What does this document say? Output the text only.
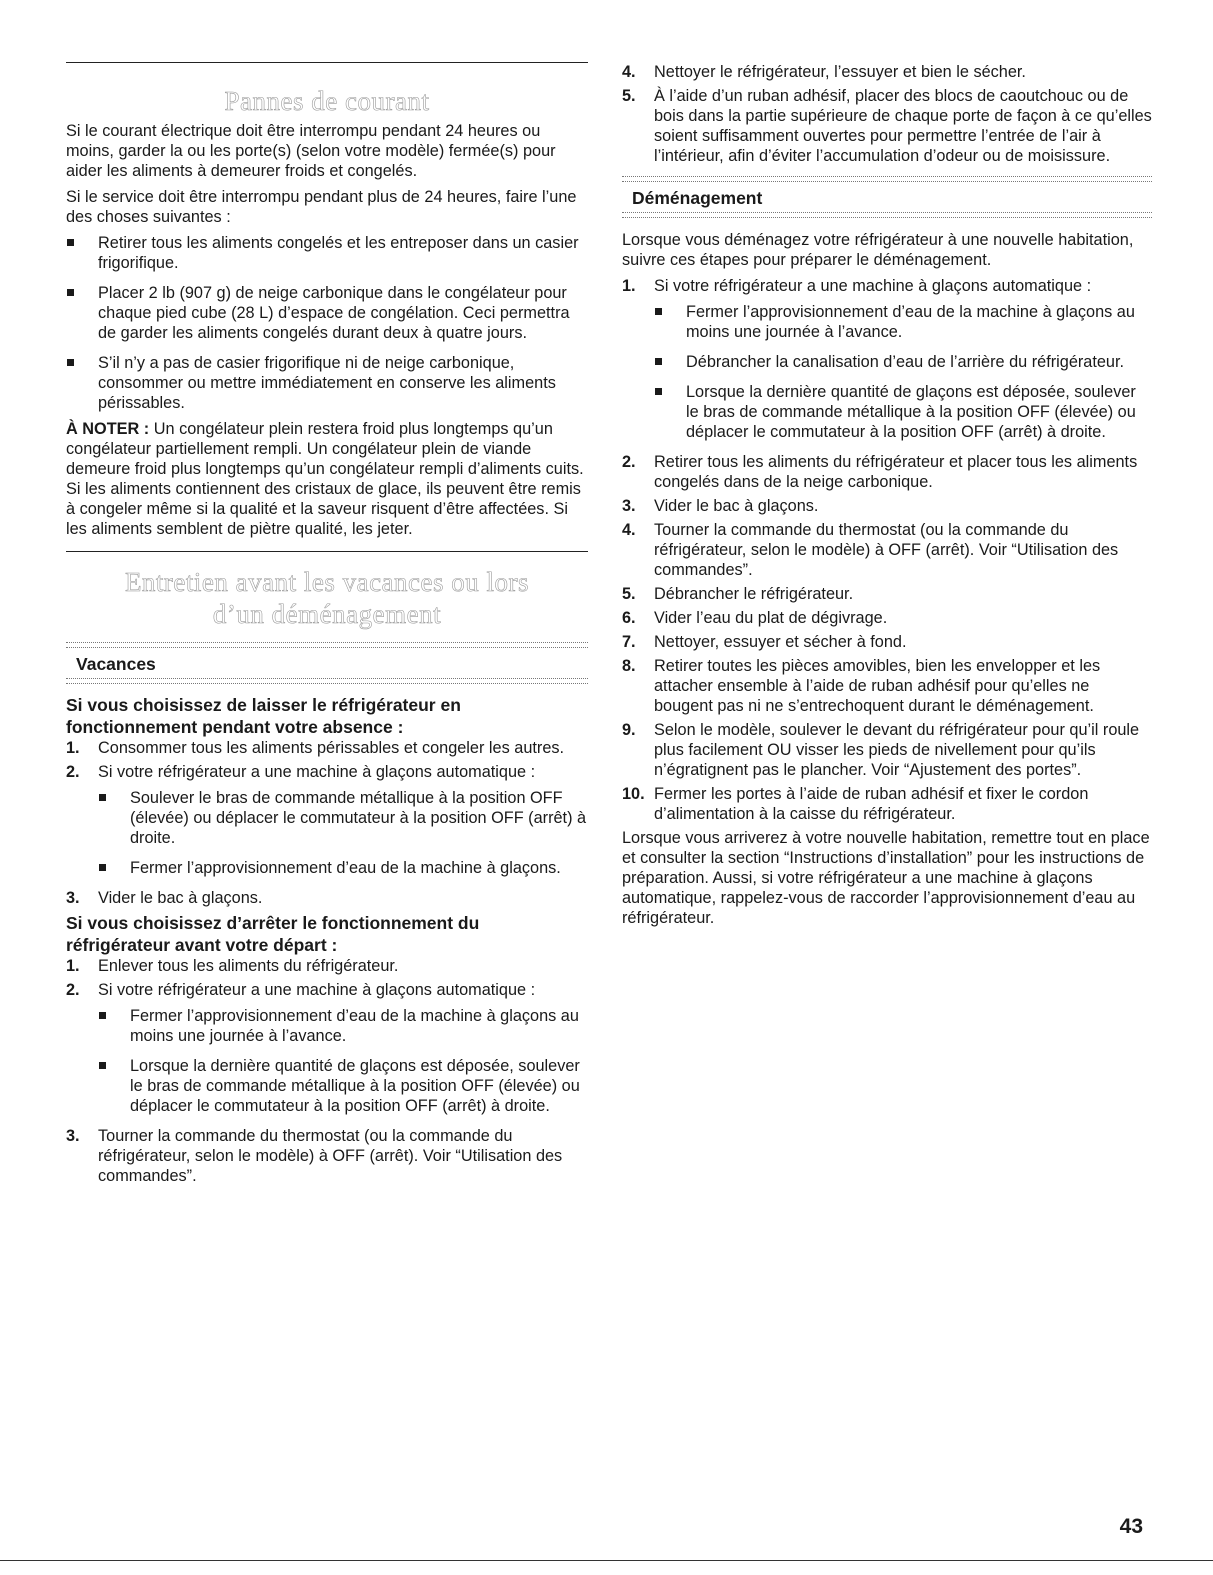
Pannes de courant

Si le courant électrique doit être interrompu pendant 24 heures ou moins, garder la ou les porte(s) (selon votre modèle) fermée(s) pour aider les aliments à demeurer froids et congelés.

Si le service doit être interrompu pendant plus de 24 heures, faire l’une des choses suivantes :

Retirer tous les aliments congelés et les entreposer dans un casier frigorifique.
Placer 2 lb (907 g) de neige carbonique dans le congélateur pour chaque pied cube (28 L) d’espace de congélation. Ceci permettra de garder les aliments congelés durant deux à quatre jours.
S’il n’y a pas de casier frigorifique ni de neige carbonique, consommer ou mettre immédiatement en conserve les aliments périssables.

À NOTER : Un congélateur plein restera froid plus longtemps qu’un congélateur partiellement rempli. Un congélateur plein de viande demeure froid plus longtemps qu’un congélateur rempli d’aliments cuits. Si les aliments contiennent des cristaux de glace, ils peuvent être remis à congeler même si la qualité et la saveur risquent d’être affectées. Si les aliments semblent de piètre qualité, les jeter.

Entretien avant les vacances ou lors
d’un déménagement
Vacances
Si vous choisissez de laisser le réfrigérateur en fonctionnement pendant votre absence :
1. Consommer tous les aliments périssables et congeler les autres.
2. Si votre réfrigérateur a une machine à glaçons automatique :
Soulever le bras de commande métallique à la position OFF (élevée) ou déplacer le commutateur à la position OFF (arrêt) à droite.
Fermer l’approvisionnement d’eau de la machine à glaçons.
3. Vider le bac à glaçons.
Si vous choisissez d’arrêter le fonctionnement du réfrigérateur avant votre départ :
1. Enlever tous les aliments du réfrigérateur.
2. Si votre réfrigérateur a une machine à glaçons automatique :
Fermer l’approvisionnement d’eau de la machine à glaçons au moins une journée à l’avance.
Lorsque la dernière quantité de glaçons est déposée, soulever le bras de commande métallique à la position OFF (élevée) ou déplacer le commutateur à la position OFF (arrêt) à droite.
3. Tourner la commande du thermostat (ou la commande du réfrigérateur, selon le modèle) à OFF (arrêt). Voir “Utilisation des commandes”.
4. Nettoyer le réfrigérateur, l’essuyer et bien le sécher.
5. À l’aide d’un ruban adhésif, placer des blocs de caoutchouc ou de bois dans la partie supérieure de chaque porte de façon à ce qu’elles soient suffisamment ouvertes pour permettre l’entrée de l’air à l’intérieur, afin d’éviter l’accumulation d’odeur ou de moisissure.
Déménagement

Lorsque vous déménagez votre réfrigérateur à une nouvelle habitation, suivre ces étapes pour préparer le déménagement.

1. Si votre réfrigérateur a une machine à glaçons automatique :
Fermer l’approvisionnement d’eau de la machine à glaçons au moins une journée à l’avance.
Débrancher la canalisation d’eau de l’arrière du réfrigérateur.
Lorsque la dernière quantité de glaçons est déposée, soulever le bras de commande métallique à la position OFF (élevée) ou déplacer le commutateur à la position OFF (arrêt) à droite.
2. Retirer tous les aliments du réfrigérateur et placer tous les aliments congelés dans de la neige carbonique.
3. Vider le bac à glaçons.
4. Tourner la commande du thermostat (ou la commande du réfrigérateur, selon le modèle) à OFF (arrêt). Voir “Utilisation des commandes”.
5. Débrancher le réfrigérateur.
6. Vider l’eau du plat de dégivrage.
7. Nettoyer, essuyer et sécher à fond.
8. Retirer toutes les pièces amovibles, bien les envelopper et les attacher ensemble à l’aide de ruban adhésif pour qu’elles ne bougent pas ni ne s’entrechoquent durant le déménagement.
9. Selon le modèle, soulever le devant du réfrigérateur pour qu’il roule plus facilement OU visser les pieds de nivellement pour qu’ils n’égratignent pas le plancher. Voir “Ajustement des portes”.
10. Fermer les portes à l’aide de ruban adhésif et fixer le cordon d’alimentation à la caisse du réfrigérateur.

Lorsque vous arriverez à votre nouvelle habitation, remettre tout en place et consulter la section “Instructions d’installation” pour les instructions de préparation. Aussi, si votre réfrigérateur a une machine à glaçons automatique, rappelez-vous de raccorder l’approvisionnement d’eau au réfrigérateur.

43
